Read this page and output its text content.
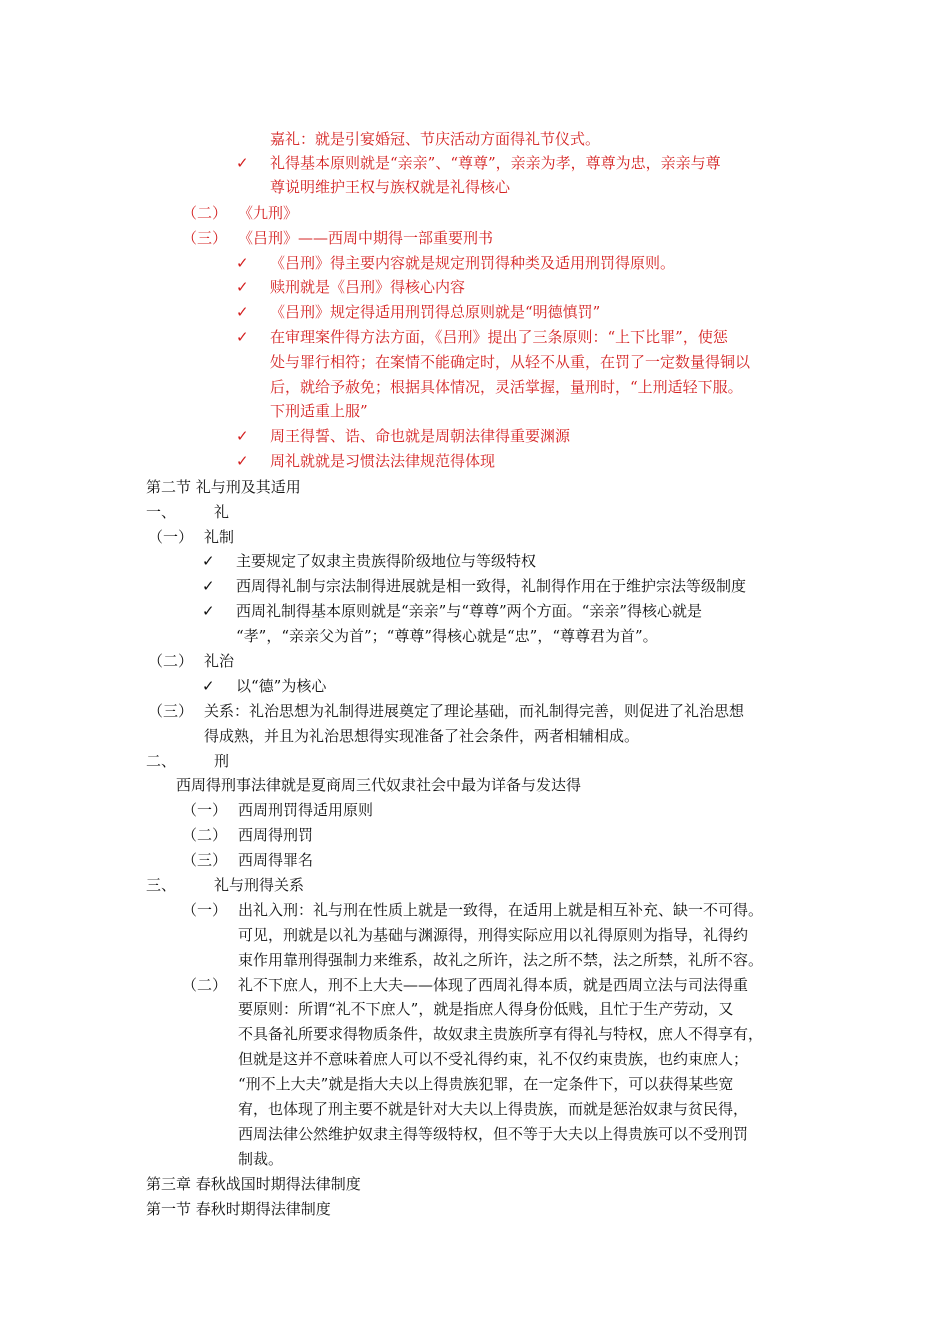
嘉礼：就是引宴婚冠、节庆活动方面得礼节仪式。
✓ 礼得基本原则就是“亲亲”、“尊尊”，亲亲为孝，尊尊为忠，亲亲与尊
尊说明维护王权与族权就是礼得核心
（二） 《九刑》
（三） 《吕刑》——西周中期得一部重要刑书
✓ 《吕刑》得主要内容就是规定刑罚得种类及适用刑罚得原则。
✓ 赎刑就是《吕刑》得核心内容
✓ 《吕刑》规定得适用刑罚得总原则就是“明德慎罚”
✓ 在审理案件得方法方面，《吕刑》提出了三条原则：“上下比罪”，使惩
处与罪行相符；在案情不能确定时，从轻不从重，在罚了一定数量得铜以
后，就给予赦免；根据具体情况，灵活掌握，量刑时，“上刑适轻下服。
下刑适重上服”
✓ 周王得誓、诰、命也就是周朝法律得重要渊源
✓ 周礼就就是习惯法法律规范得体现
第二节 礼与刑及其适用
一、	礼
（一） 礼制
✓ 主要规定了奴隶主贵族得阶级地位与等级特权
✓ 西周得礼制与宗法制得进展就是相一致得，礼制得作用在于维护宗法等级制度
✓ 西周礼制得基本原则就是“亲亲”与“尊尊”两个方面。“亲亲”得核心就是
“孝”，“亲亲父为首”；“尊尊”得核心就是“忠”，“尊尊君为首”。
（二） 礼治
✓ 以“德”为核心
（三） 关系：礼治思想为礼制得进展奠定了理论基础，而礼制得完善，则促进了礼治思想
得成熟，并且为礼治思想得实现准备了社会条件，两者相辅相成。
二、	刑
西周得刑事法律就是夏商周三代奴隶社会中最为详备与发达得
（一） 西周刑罚得适用原则
（二） 西周得刑罚
（三） 西周得罪名
三、	礼与刑得关系
（一） 出礼入刑：礼与刑在性质上就是一致得，在适用上就是相互补充、缺一不可得。
可见，刑就是以礼为基础与渊源得，刑得实际应用以礼得原则为指导，礼得约
束作用靠刑得强制力来维系，故礼之所许，法之所不禁，法之所禁，礼所不容。
（二） 礼不下庶人，刑不上大夫——体现了西周礼得本质，就是西周立法与司法得重
要原则：所谓“礼不下庶人”，就是指庶人得身份低贱，且忙于生产劳动，又
不具备礼所要求得物质条件，故奴隶主贵族所享有得礼与特权，庶人不得享有，
但就是这并不意味着庶人可以不受礼得约束，礼不仅约束贵族，也约束庶人；
“刑不上大夫”就是指大夫以上得贵族犯罪，在一定条件下，可以获得某些宽
宥，也体现了刑主要不就是针对大夫以上得贵族，而就是惩治奴隶与贫民得，
西周法律公然维护奴隶主得等级特权，但不等于大夫以上得贵族可以不受刑罚
制裁。
第三章 春秋战国时期得法律制度
第一节 春秋时期得法律制度
